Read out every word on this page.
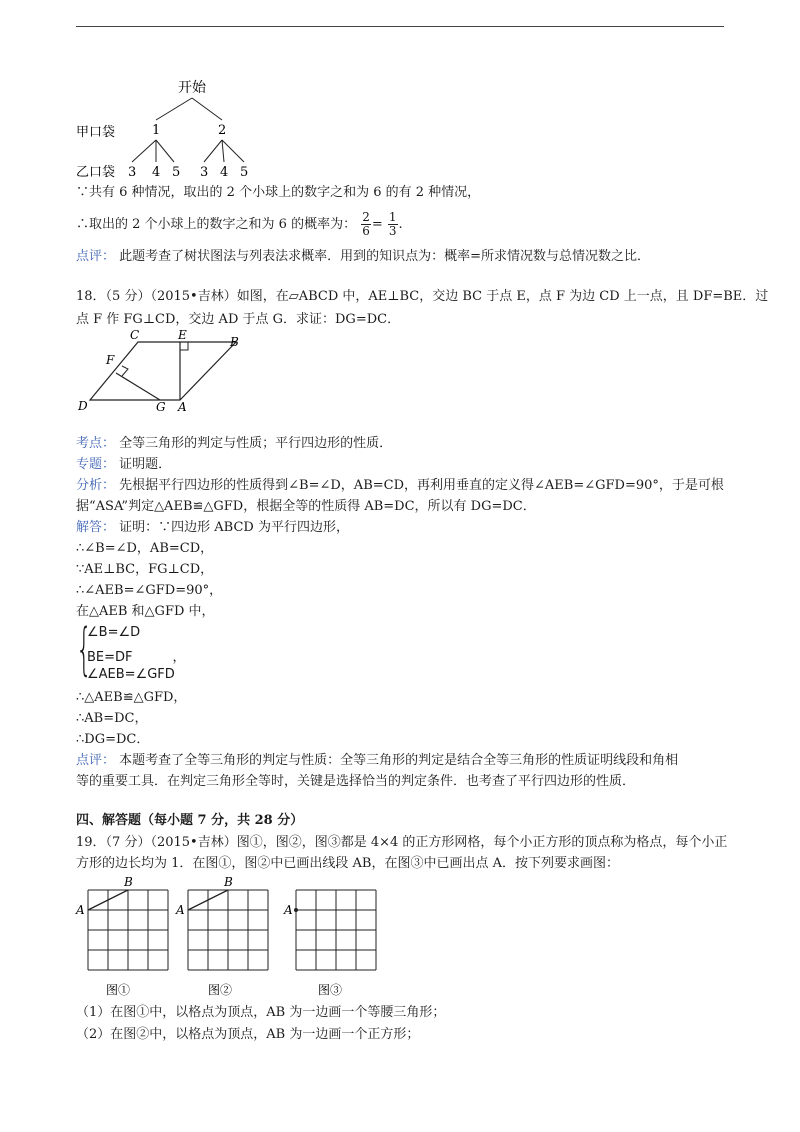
开始
甲口袋	1	2
乙口袋 3 4 5 3 4 5
∵共有 6 种情况，取出的 2 个小球上的数字之和为 6 的有 2 种情况，
∴取出的 2 个小球上的数字之和为 6 的概率为： $\frac{2}{6} = \frac{1}{3}$ .
点评： 此题考查了树状图法与列表法求概率．用到的知识点为：概率=所求情况数与总情况数之比．
18．（5 分）（2015•吉林）如图，在▱ABCD 中，AE⊥BC，交边 BC 于点 E，点 F 为边 CD 上一点，且 DF=BE．过
点 F 作 FG⊥CD，交边 AD 于点 G．求证：DG=DC．
C	E	B
F
D	G A
考点： 全等三角形的判定与性质；平行四边形的性质．
专题： 证明题．
分析： 先根据平行四边形的性质得到∠B=∠D，AB=CD，再利用垂直的定义得∠AEB=∠GFD=90°，于是可根
据“ASA”判定△AEB≌△GFD，根据全等的性质得 AB=DC，所以有 DG=DC．
解答： 证明：∵四边形 ABCD 为平行四边形，
∴∠B=∠D，AB=CD，
∵AE⊥BC，FG⊥CD，
∴∠AEB=∠GFD=90°，
在△AEB 和△GFD 中，
{
∠B=∠D
BE=DF	，
∠AEB=∠GFD
∴△AEB≌△GFD，
∴AB=DC，
∴DG=DC．
点评： 本题考查了全等三角形的判定与性质：全等三角形的判定是结合全等三角形的性质证明线段和角相
等的重要工具．在判定三角形全等时，关键是选择恰当的判定条件．也考查了平行四边形的性质．
四、解答题（每小题 7 分，共 28 分）
19．（7 分）（2015•吉林）图①，图②，图③都是 4×4 的正方形网格，每个小正方形的顶点称为格点，每个小正
方形的边长均为 1．在图①，图②中已画出线段 AB，在图③中已画出点 A．按下列要求画图：
A
B
图①
A
B
图②
A
图③
（1）在图①中，以格点为顶点，AB 为一边画一个等腰三角形；
（2）在图②中，以格点为顶点，AB 为一边画一个正方形；
